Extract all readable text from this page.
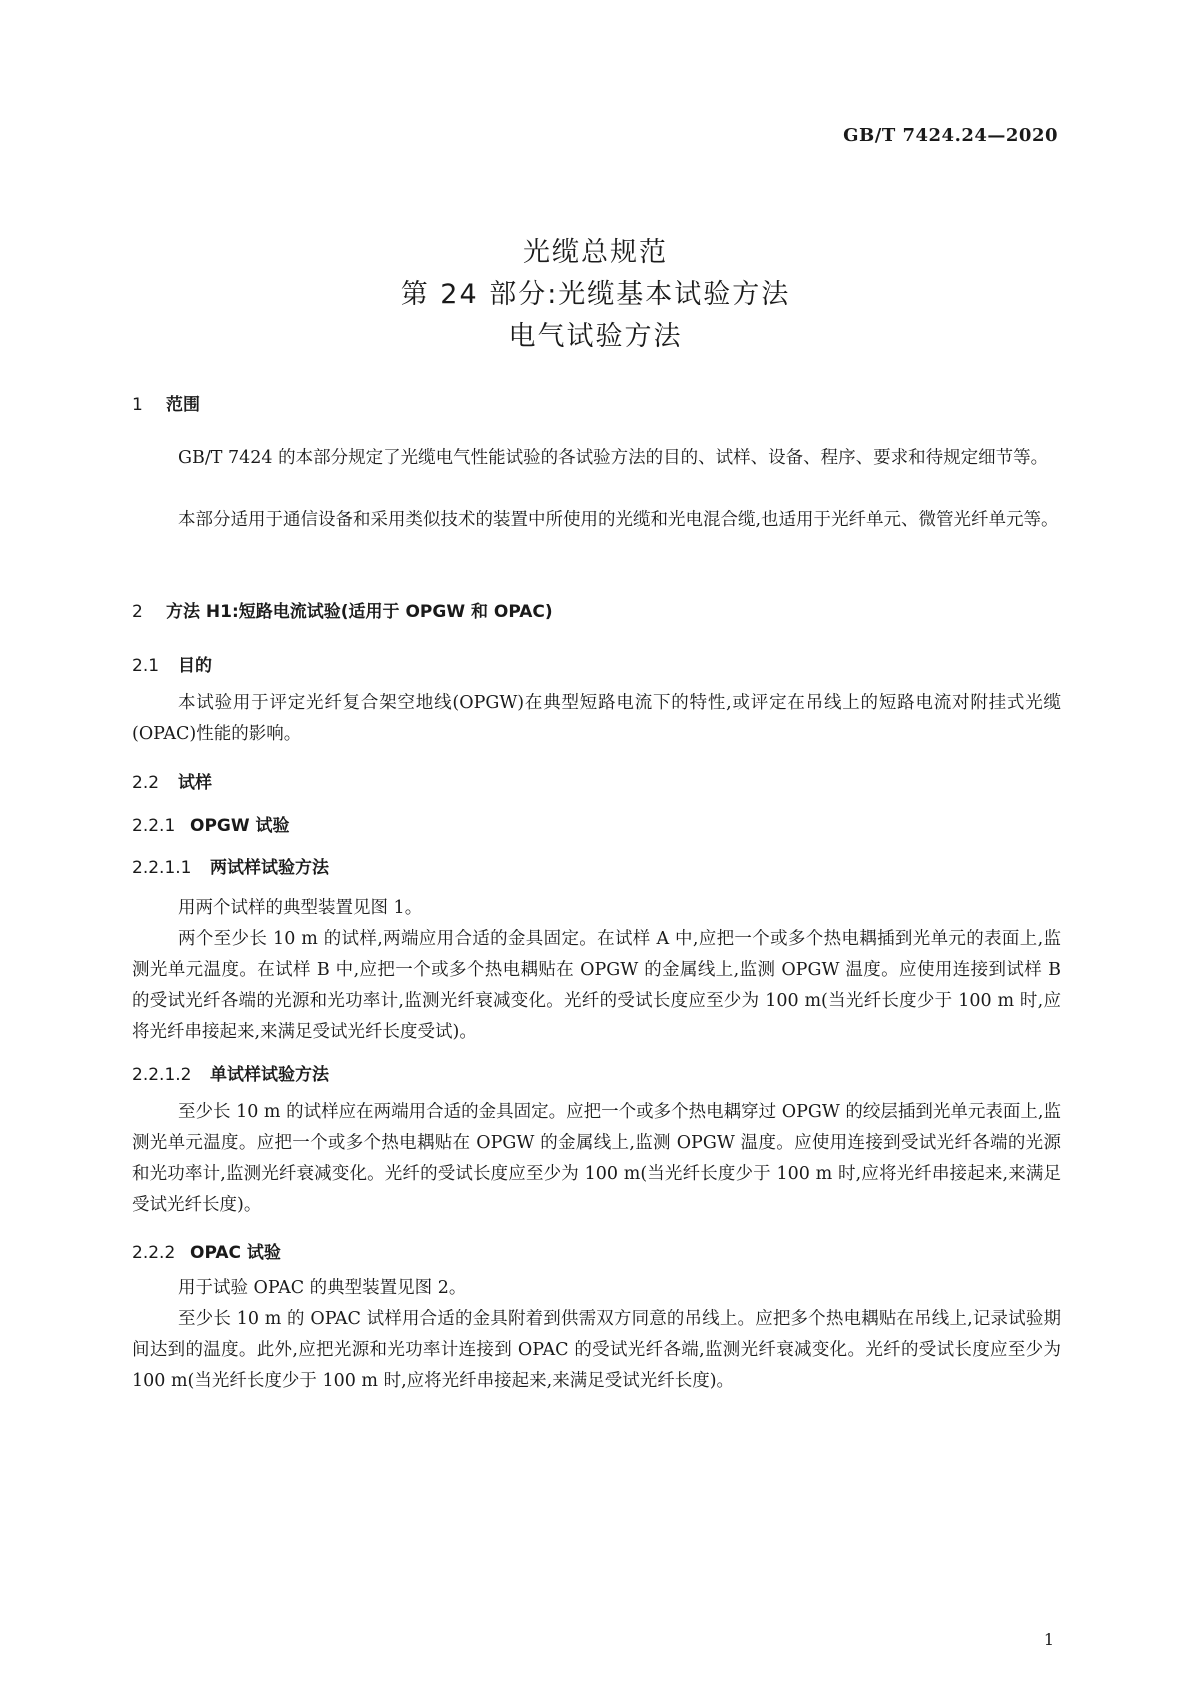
GB/T 7424.24—2020
光缆总规范
第 24 部分:光缆基本试验方法
电气试验方法
1 范围
GB/T 7424 的本部分规定了光缆电气性能试验的各试验方法的目的、试样、设备、程序、要求和待规定细节等。
本部分适用于通信设备和采用类似技术的装置中所使用的光缆和光电混合缆,也适用于光纤单元、微管光纤单元等。
2 方法 H1:短路电流试验(适用于 OPGW 和 OPAC)
2.1 目的
本试验用于评定光纤复合架空地线(OPGW)在典型短路电流下的特性,或评定在吊线上的短路电流对附挂式光缆(OPAC)性能的影响。
2.2 试样
2.2.1 OPGW 试验
2.2.1.1 两试样试验方法
用两个试样的典型装置见图 1。
两个至少长 10 m 的试样,两端应用合适的金具固定。在试样 A 中,应把一个或多个热电耦插到光单元的表面上,监测光单元温度。在试样 B 中,应把一个或多个热电耦贴在 OPGW 的金属线上,监测 OPGW 温度。应使用连接到试样 B 的受试光纤各端的光源和光功率计,监测光纤衰减变化。光纤的受试长度应至少为 100 m(当光纤长度少于 100 m 时,应将光纤串接起来,来满足受试光纤长度受试)。
2.2.1.2 单试样试验方法
至少长 10 m 的试样应在两端用合适的金具固定。应把一个或多个热电耦穿过 OPGW 的绞层插到光单元表面上,监测光单元温度。应把一个或多个热电耦贴在 OPGW 的金属线上,监测 OPGW 温度。应使用连接到受试光纤各端的光源和光功率计,监测光纤衰减变化。光纤的受试长度应至少为 100 m(当光纤长度少于 100 m 时,应将光纤串接起来,来满足受试光纤长度)。
2.2.2 OPAC 试验
用于试验 OPAC 的典型装置见图 2。
至少长 10 m 的 OPAC 试样用合适的金具附着到供需双方同意的吊线上。应把多个热电耦贴在吊线上,记录试验期间达到的温度。此外,应把光源和光功率计连接到 OPAC 的受试光纤各端,监测光纤衰减变化。光纤的受试长度应至少为 100 m(当光纤长度少于 100 m 时,应将光纤串接起来,来满足受试光纤长度)。
1
